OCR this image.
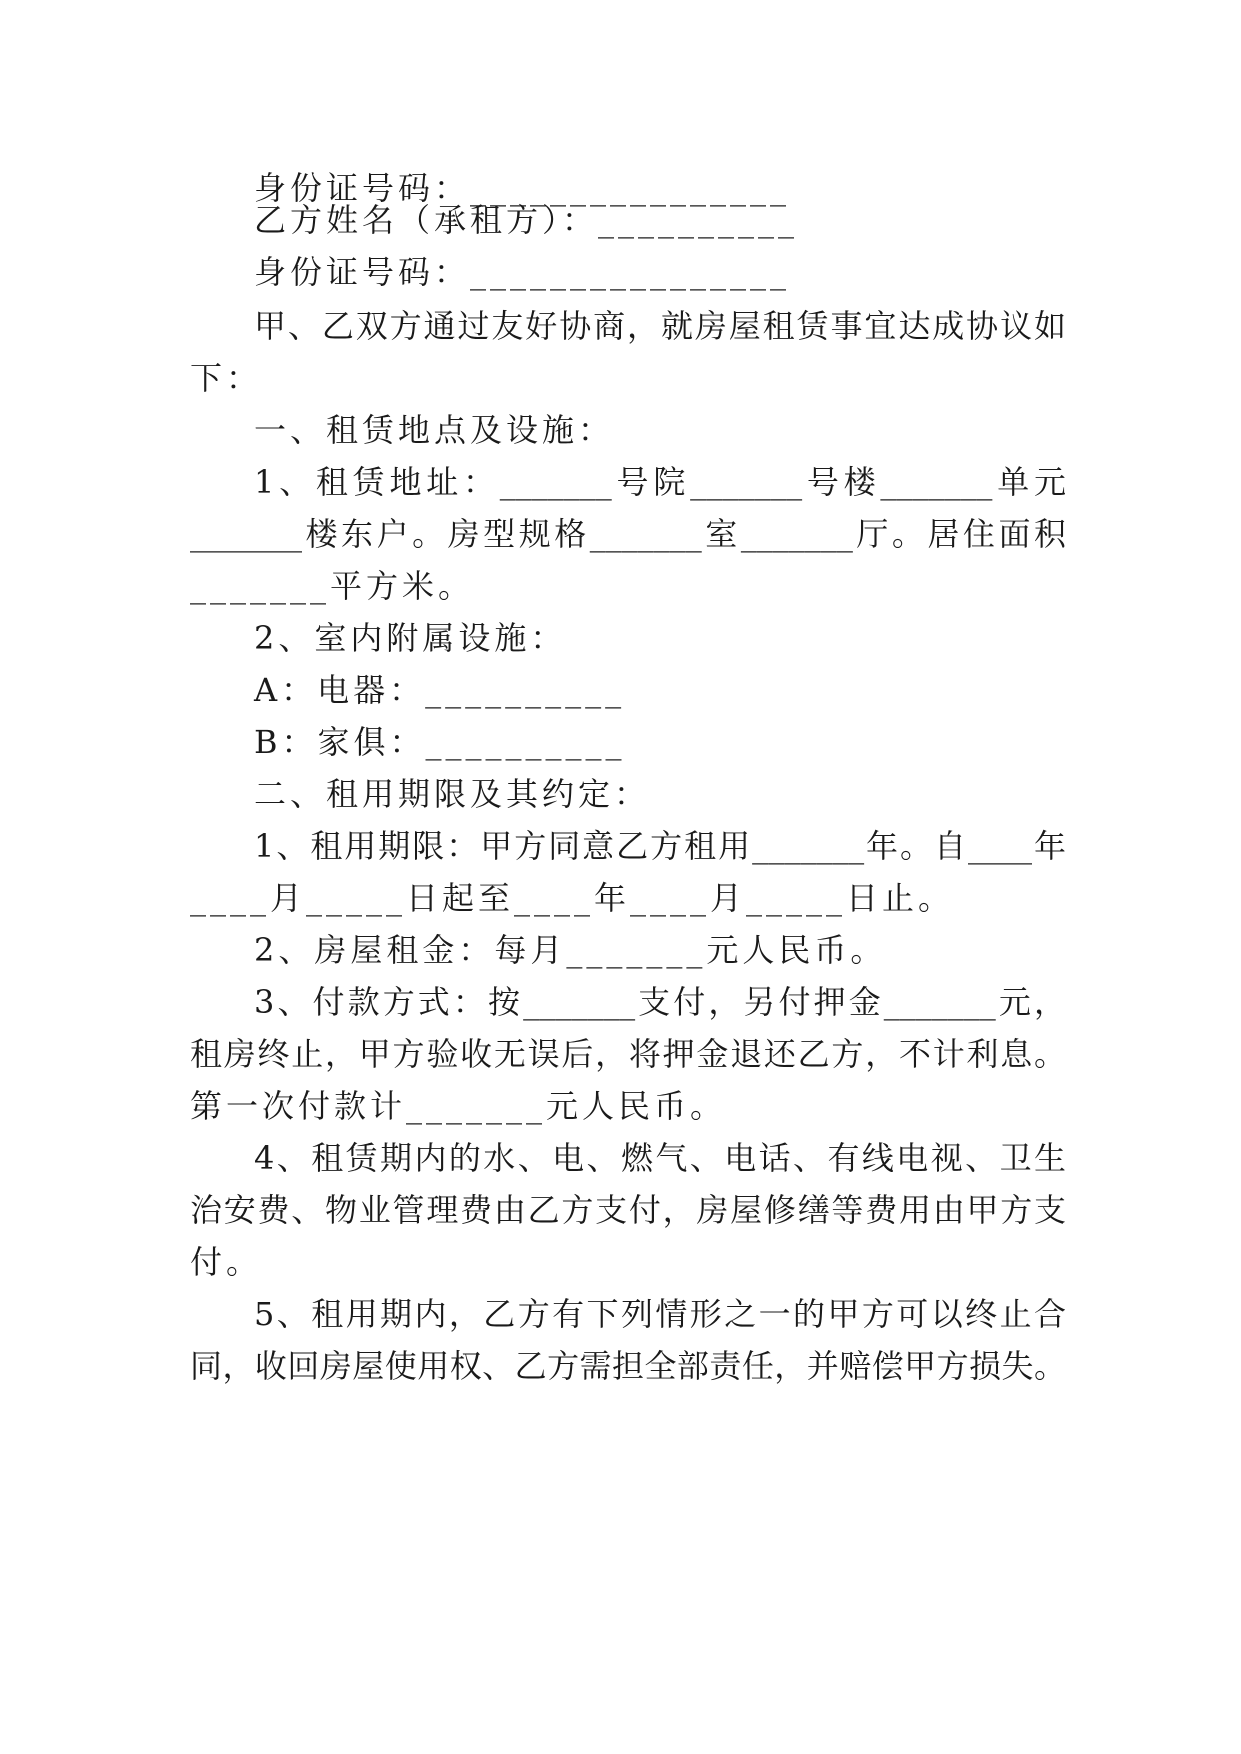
身份证号码：________________
乙方姓名（承租方）：__________
身份证号码：________________
甲、乙双方通过友好协商，就房屋租赁事宜达成协议如
下：
一、租赁地点及设施：
1、租赁地址：_______号院_______号楼_______单元
_______楼东户。房型规格_______室_______厅。居住面积
_______平方米。
2、室内附属设施：
A：电器：__________
B：家俱：__________
二、租用期限及其约定：
1、租用期限：甲方同意乙方租用_______年。自____年
____月_____日起至____年____月_____日止。
2、房屋租金：每月_______元人民币。
3、付款方式：按_______支付，另付押金_______元，
租房终止，甲方验收无误后，将押金退还乙方，不计利息。
第一次付款计_______元人民币。
4、租赁期内的水、电、燃气、电话、有线电视、卫生
治安费、物业管理费由乙方支付，房屋修缮等费用由甲方支
付。
5、租用期内，乙方有下列情形之一的甲方可以终止合
同，收回房屋使用权、乙方需担全部责任，并赔偿甲方损失。
